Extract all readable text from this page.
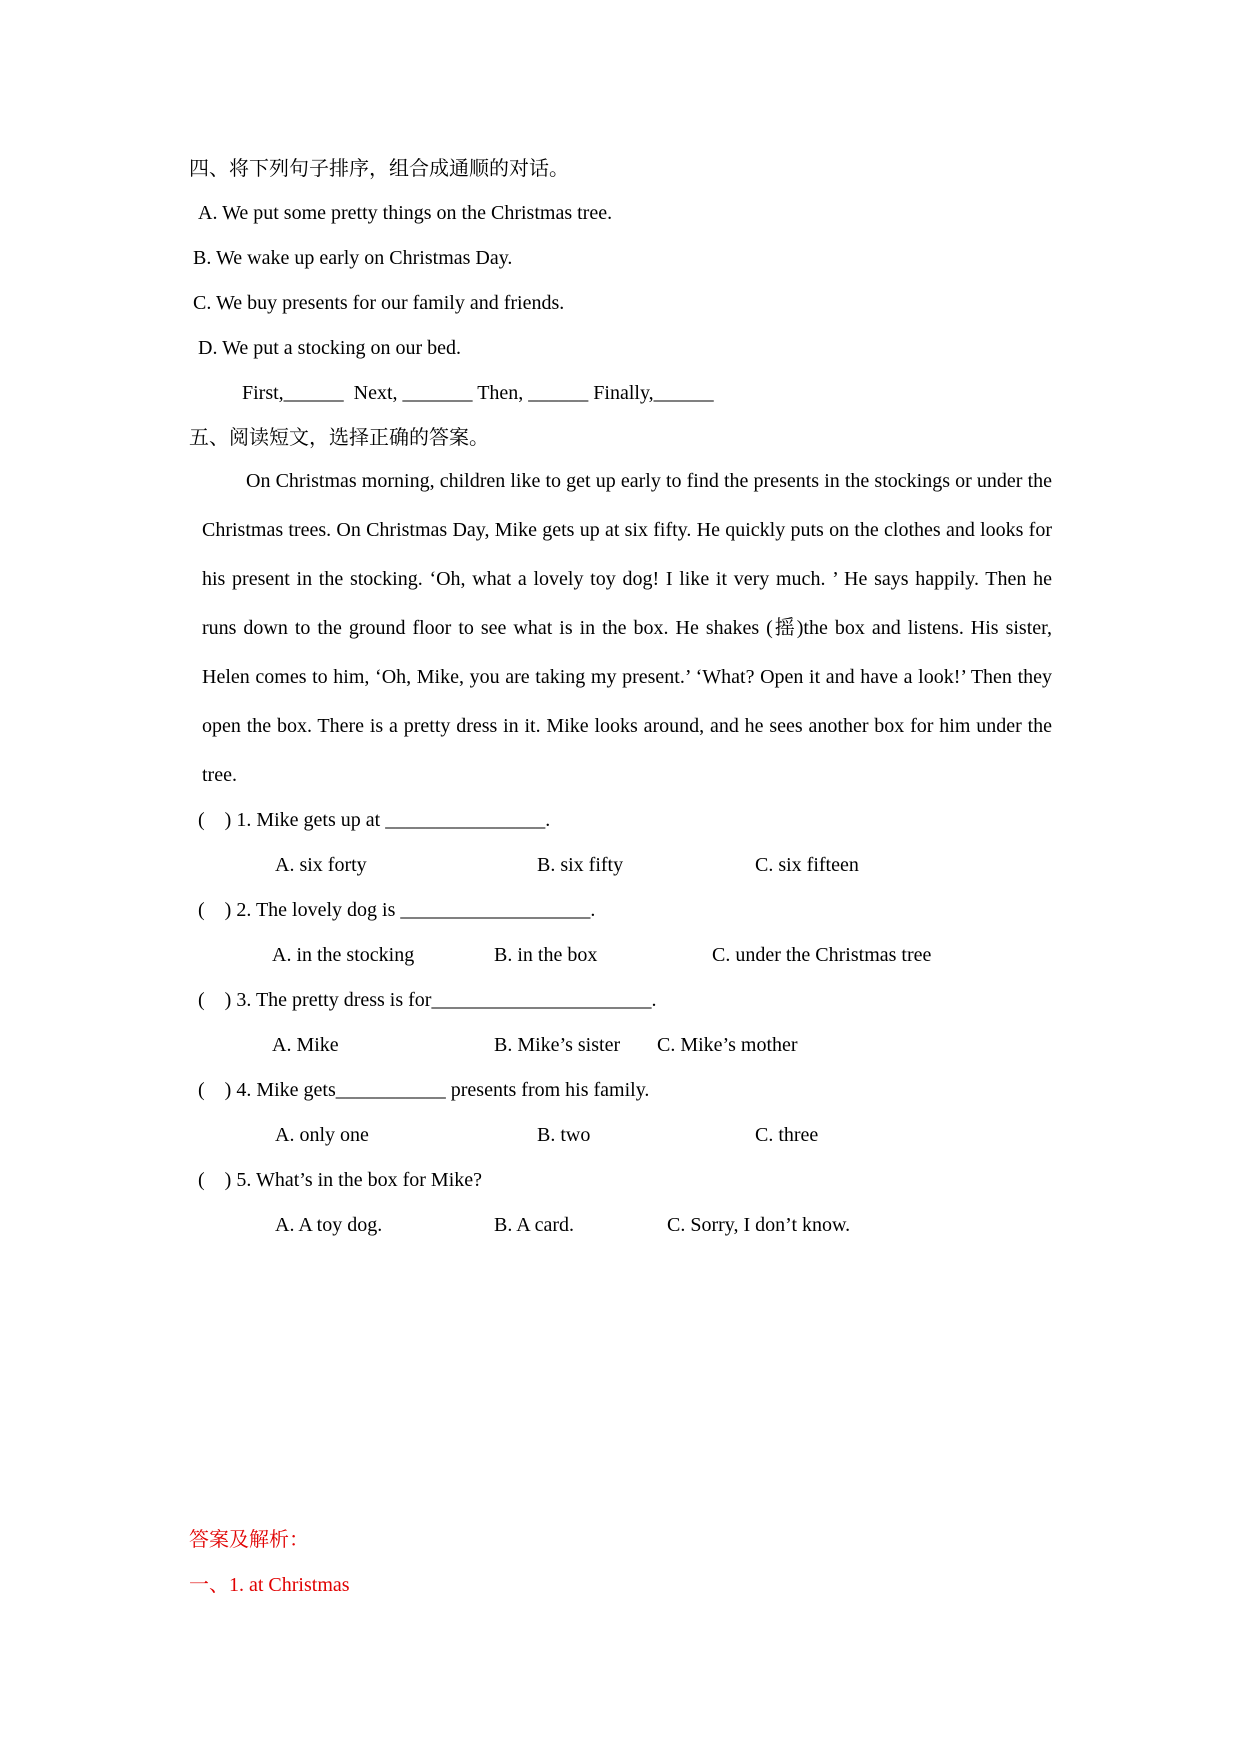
四、将下列句子排序，组合成通顺的对话。
A. We put some pretty things on the Christmas tree.
B. We wake up early on Christmas Day.
C. We buy presents for our family and friends.
D. We put a stocking on our bed.
First,______  Next, _______ Then, ______ Finally,______
五、阅读短文，选择正确的答案。
On Christmas morning, children like to get up early to find the presents in the stockings or under the Christmas trees. On Christmas Day, Mike gets up at six fifty. He quickly puts on the clothes and looks for his present in the stocking. ‘Oh, what a lovely toy dog! I like it very much. ’ He says happily. Then he runs down to the ground floor to see what is in the box. He shakes (摇)the box and listens. His sister, Helen comes to him, ‘Oh, Mike, you are taking my present.’ ‘What? Open it and have a look!’ Then they open the box. There is a pretty dress in it. Mike looks around, and he sees another box for him under the tree.
(    ) 1. Mike gets up at ________________.
A. six forty	B. six fifty	C. six fifteen
(    ) 2. The lovely dog is ___________________.
A. in the stocking	B. in the box	C. under the Christmas tree
(    ) 3. The pretty dress is for______________________.
A. Mike	B. Mike’s sister C. Mike’s mother
(    ) 4. Mike gets___________ presents from his family.
A. only one	B. two	C. three
(    ) 5. What’s in the box for Mike?
A. A toy dog.	B. A card.	C. Sorry, I don’t know.
答案及解析：
一、1. at Christmas
